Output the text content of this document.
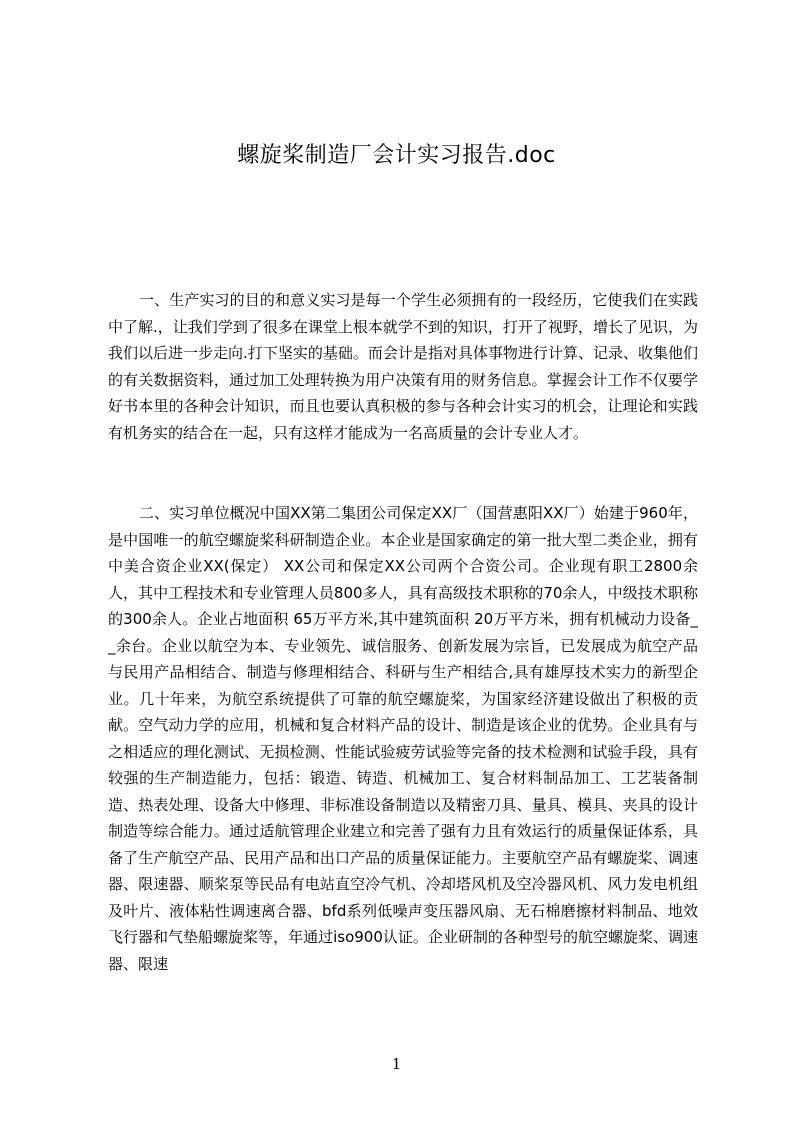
螺旋桨制造厂会计实习报告.doc

一、生产实习的目的和意义实习是每一个学生必须拥有的一段经历，它使我们在实践中了解.，让我们学到了很多在课堂上根本就学不到的知识，打开了视野，增长了见识，为我们以后进一步走向.打下坚实的基础。而会计是指对具体事物进行计算、记录、收集他们的有关数据资料，通过加工处理转换为用户决策有用的财务信息。掌握会计工作不仅要学好书本里的各种会计知识，而且也要认真积极的参与各种会计实习的机会，让理论和实践有机务实的结合在一起，只有这样才能成为一名高质量的会计专业人才。

二、实习单位概况中国XX第二集团公司保定XX厂（国营惠阳XX厂）始建于960年，是中国唯一的航空螺旋桨科研制造企业。本企业是国家确定的第一批大型二类企业，拥有中美合资企业XX(保定） XX公司和保定XX公司两个合资公司。企业现有职工2800余人，其中工程技术和专业管理人员800多人，具有高级技术职称的70余人，中级技术职称的300余人。企业占地面积 65万平方米,其中建筑面积 20万平方米，拥有机械动力设备__余台。企业以航空为本、专业领先、诚信服务、创新发展为宗旨，已发展成为航空产品与民用产品相结合、制造与修理相结合、科研与生产相结合,具有雄厚技术实力的新型企业。几十年来，为航空系统提供了可靠的航空螺旋桨，为国家经济建设做出了积极的贡献。空气动力学的应用，机械和复合材料产品的设计、制造是该企业的优势。企业具有与之相适应的理化测试、无损检测、性能试验疲劳试验等完备的技术检测和试验手段，具有较强的生产制造能力，包括：锻造、铸造、机械加工、复合材料制品加工、工艺装备制造、热表处理、设备大中修理、非标准设备制造以及精密刀具、量具、模具、夹具的设计制造等综合能力。通过适航管理企业建立和完善了强有力且有效运行的质量保证体系，具备了生产航空产品、民用产品和出口产品的质量保证能力。主要航空产品有螺旋桨、调速器、限速器、顺桨泵等民品有电站直空冷气机、冷却塔风机及空冷器风机、风力发电机组及叶片、液体粘性调速离合器、bfd系列低噪声变压器风扇、无石棉磨擦材料制品、地效飞行器和气垫船螺旋桨等，年通过iso900认证。企业研制的各种型号的航空螺旋桨、调速器、限速

1
